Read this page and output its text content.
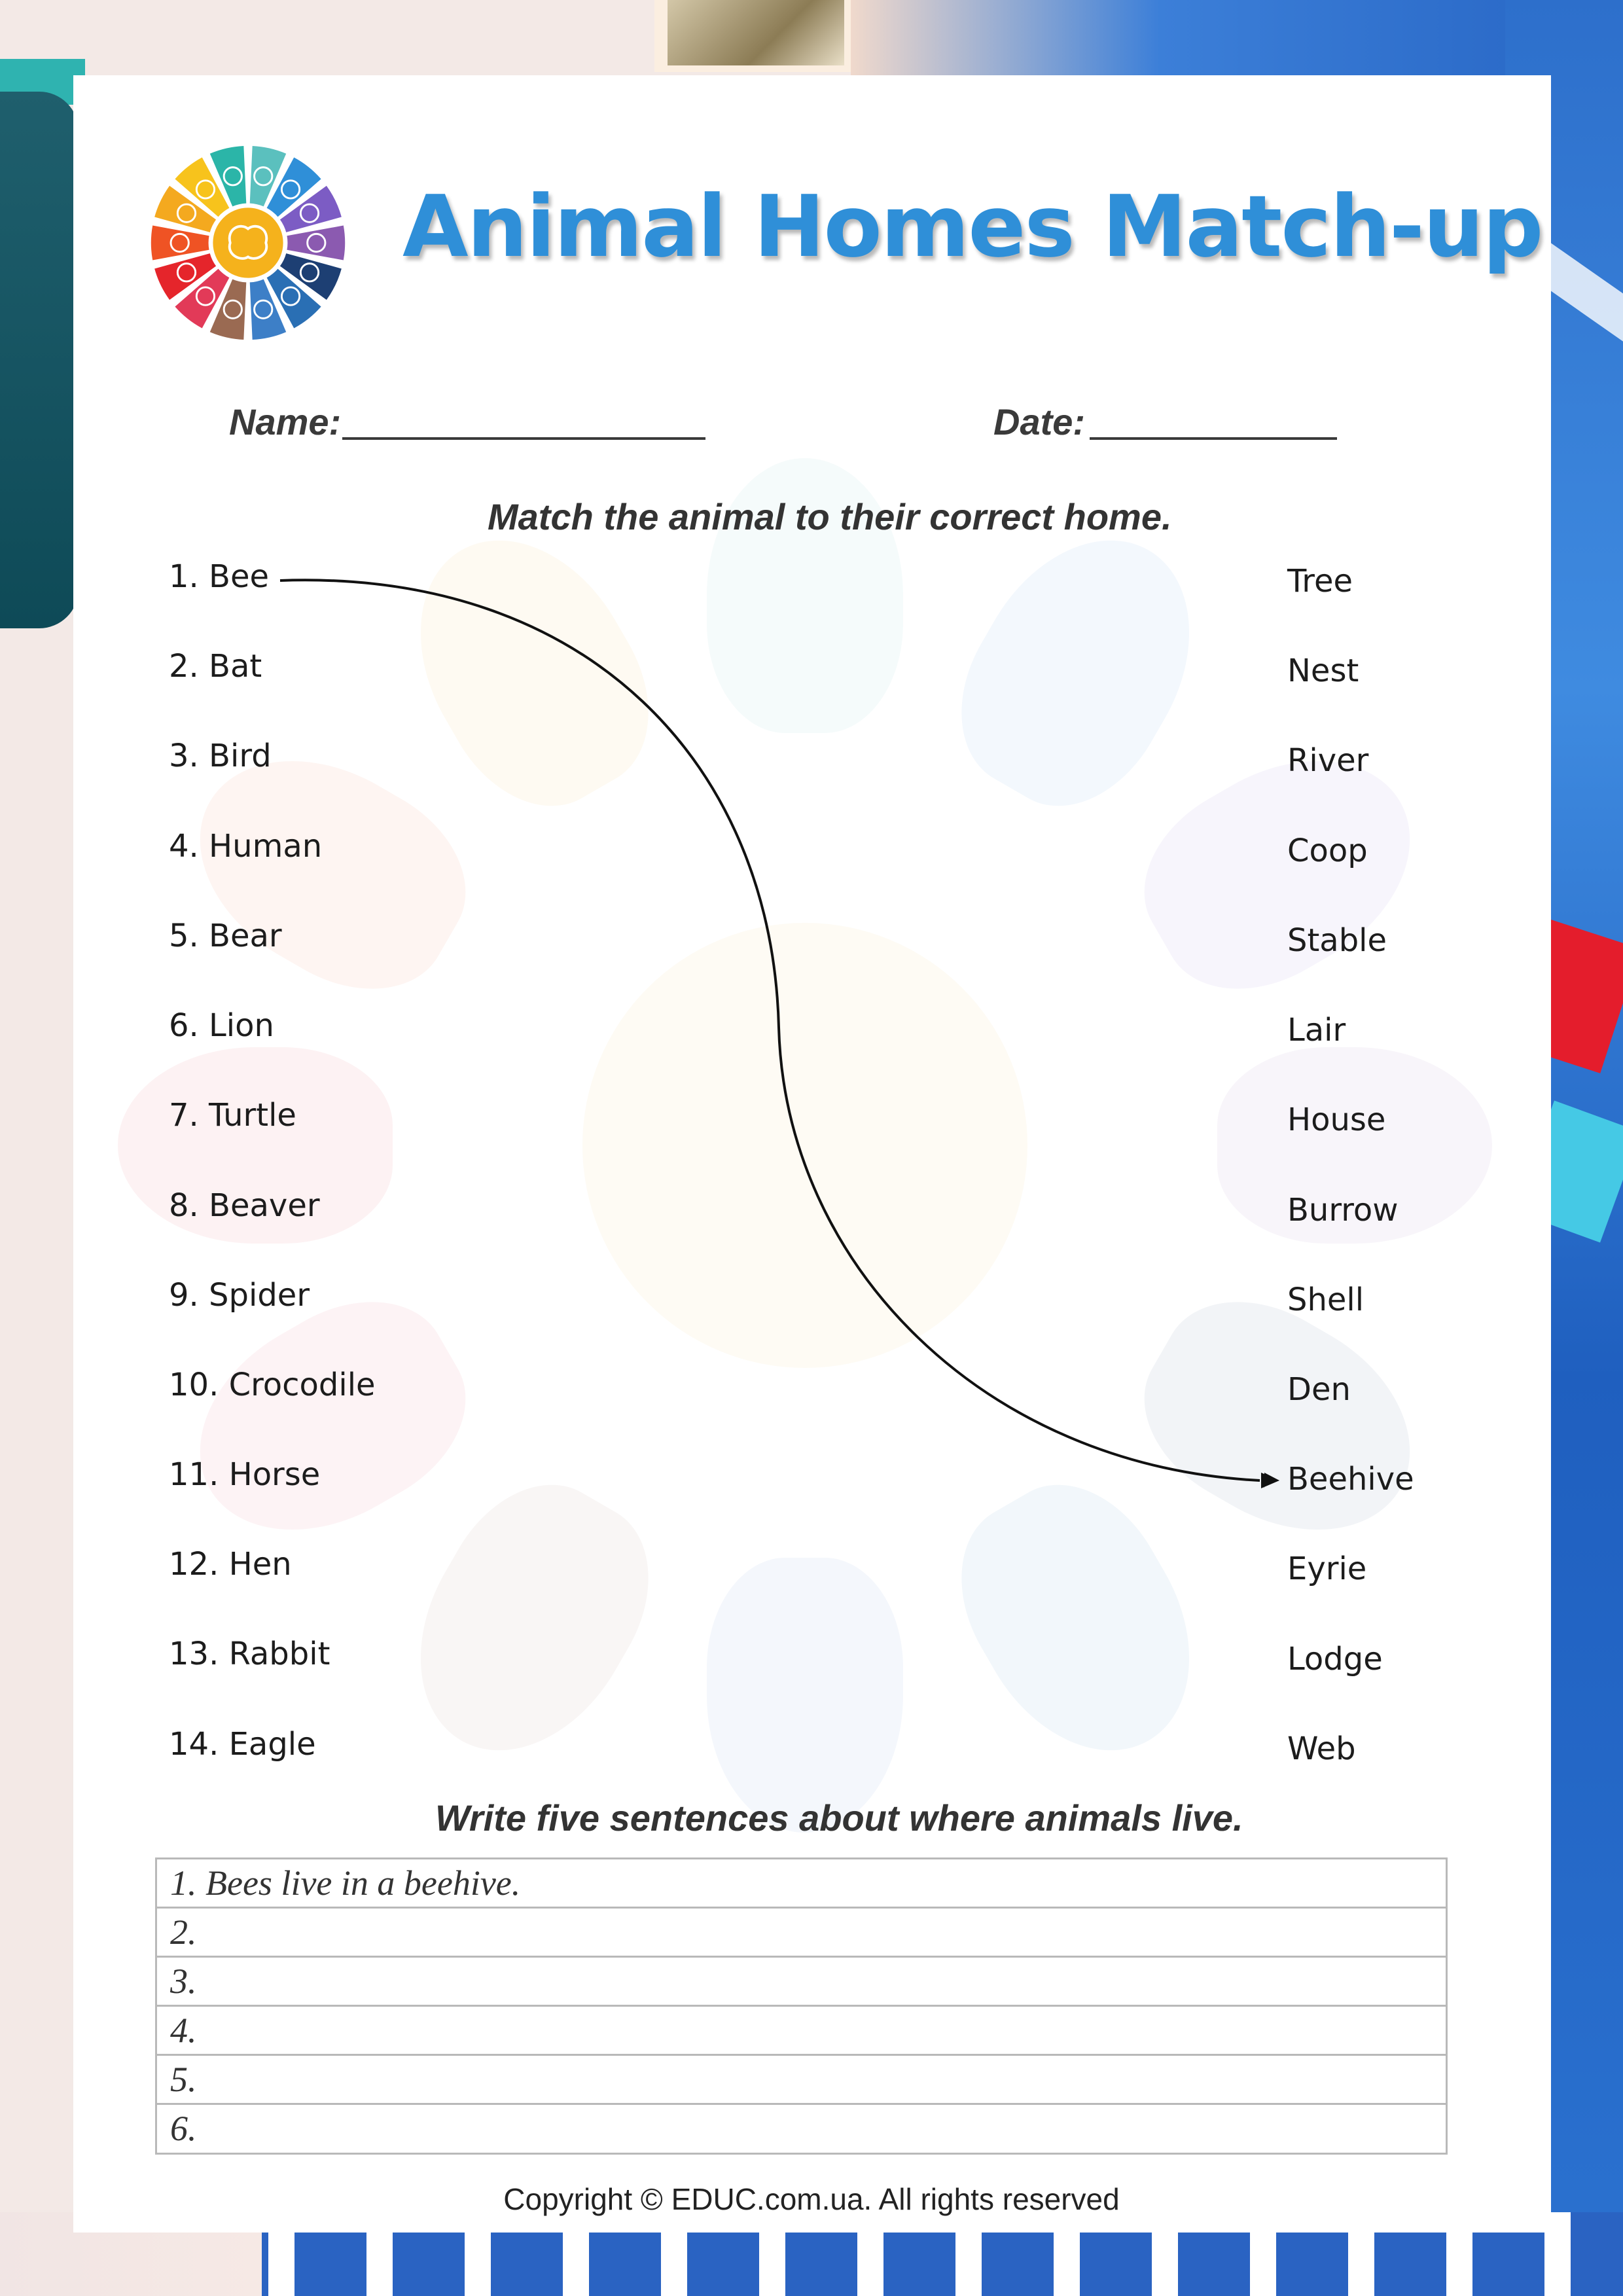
Animal Homes Match-up
Name:	Date:
Match the animal to their correct home.
1. Bee
2. Bat
3. Bird
4. Human
5. Bear
6. Lion
7. Turtle
8. Beaver
9. Spider
10. Crocodile
11. Horse
12. Hen
13. Rabbit
14. Eagle
Tree
Nest
River
Coop
Stable
Lair
House
Burrow
Shell
Den
Beehive
Eyrie
Lodge
Web
Write five sentences about where animals live.
1. Bees live in a beehive.
2.
3.
4.
5.
6.
Copyright © EDUC.com.ua. All rights reserved
